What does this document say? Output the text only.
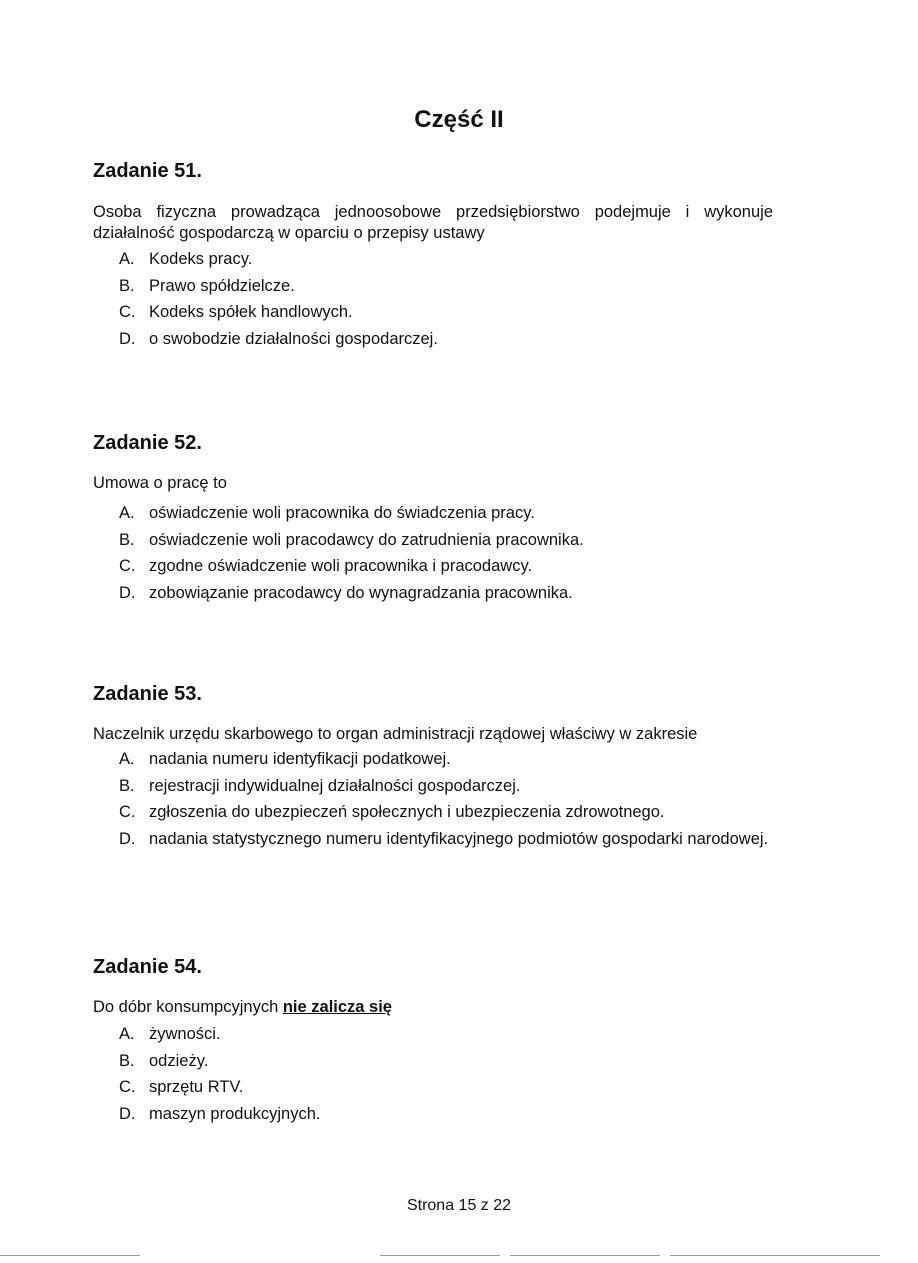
Część II
Zadanie 51.

Osoba fizyczna prowadząca jednoosobowe przedsiębiorstwo podejmuje i wykonuje działalność gospodarczą w oparciu o przepisy ustawy

A. Kodeks pracy.
B. Prawo spółdzielcze.
C. Kodeks spółek handlowych.
D. o swobodzie działalności gospodarczej.
Zadanie 52.

Umowa o pracę to

A. oświadczenie woli pracownika do świadczenia pracy.
B. oświadczenie woli pracodawcy do zatrudnienia pracownika.
C. zgodne oświadczenie woli pracownika i pracodawcy.
D. zobowiązanie pracodawcy do wynagradzania pracownika.
Zadanie 53.

Naczelnik urzędu skarbowego to organ administracji rządowej właściwy w zakresie

A. nadania numeru identyfikacji podatkowej.
B. rejestracji indywidualnej działalności gospodarczej.
C. zgłoszenia do ubezpieczeń społecznych i ubezpieczenia zdrowotnego.
D. nadania statystycznego numeru identyfikacyjnego podmiotów gospodarki narodowej.
Zadanie 54.

Do dóbr konsumpcyjnych nie zalicza się

A. żywności.
B. odzieży.
C. sprzętu RTV.
D. maszyn produkcyjnych.
Strona 15 z 22
